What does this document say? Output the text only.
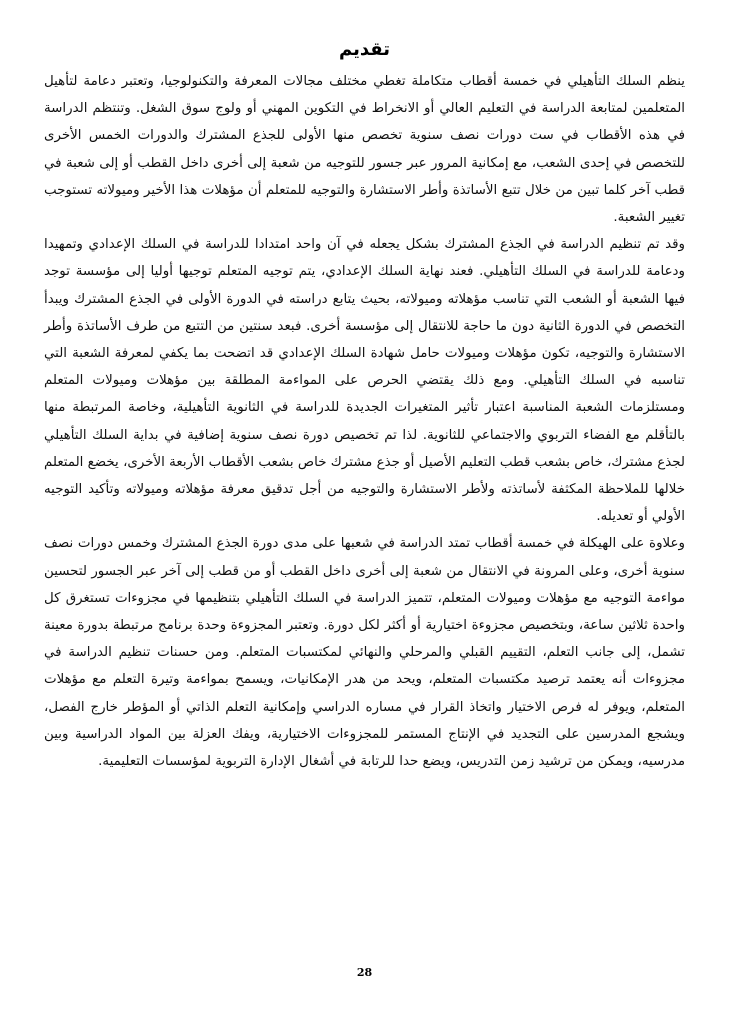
تقديم

ينظم السلك التأهيلي في خمسة أقطاب متكاملة تغطي مختلف مجالات المعرفة والتكنولوجيا، وتعتبر دعامة لتأهيل المتعلمين لمتابعة الدراسة في التعليم العالي أو الانخراط في التكوين المهني أو ولوج سوق الشغل. وتنتظم الدراسة في هذه الأقطاب في ست دورات نصف سنوية تخصص منها الأولى للجذع المشترك والدورات الخمس الأخرى للتخصص في إحدى الشعب، مع إمكانية المرور عبر جسور للتوجيه من شعبة إلى أخرى داخل القطب أو إلى شعبة في قطب آخر كلما تبين من خلال تتبع الأساتذة وأطر الاستشارة والتوجيه للمتعلم أن مؤهلات هذا الأخير وميولاته تستوجب تغيير الشعبة.

وقد تم تنظيم الدراسة في الجذع المشترك بشكل يجعله في آن واحد امتدادا للدراسة في السلك الإعدادي وتمهيدا ودعامة للدراسة في السلك التأهيلي. فعند نهاية السلك الإعدادي، يتم توجيه المتعلم توجيها أوليا إلى مؤسسة توجد فيها الشعبة أو الشعب التي تناسب مؤهلاته وميولاته، بحيث يتابع دراسته في الدورة الأولى في الجذع المشترك ويبدأ التخصص في الدورة الثانية دون ما حاجة للانتقال إلى مؤسسة أخرى. فبعد سنتين من التتبع من طرف الأساتذة وأطر الاستشارة والتوجيه، تكون مؤهلات وميولات حامل شهادة السلك الإعدادي قد اتضحت بما يكفي لمعرفة الشعبة التي تناسبه في السلك التأهيلي. ومع ذلك يقتضي الحرص على المواءمة المطلقة بين مؤهلات وميولات المتعلم ومستلزمات الشعبة المناسبة اعتبار تأثير المتغيرات الجديدة للدراسة في الثانوية التأهيلية، وخاصة المرتبطة منها بالتأقلم مع الفضاء التربوي والاجتماعي للثانوية. لذا تم تخصيص دورة نصف سنوية إضافية في بداية السلك التأهيلي لجذع مشترك، خاص بشعب قطب التعليم الأصيل أو جذع مشترك خاص بشعب الأقطاب الأربعة الأخرى، يخضع المتعلم خلالها للملاحظة المكثفة لأساتذته ولأطر الاستشارة والتوجيه من أجل تدقيق معرفة مؤهلاته وميولاته وتأكيد التوجيه الأولي أو تعديله.

وعلاوة على الهيكلة في خمسة أقطاب تمتد الدراسة في شعبها على مدى دورة الجذع المشترك وخمس دورات نصف سنوية أخرى، وعلى المرونة في الانتقال من شعبة إلى أخرى داخل القطب أو من قطب إلى آخر عبر الجسور لتحسين مواءمة التوجيه مع مؤهلات وميولات المتعلم، تتميز الدراسة في السلك التأهيلي بتنظيمها في مجزوءات تستغرق كل واحدة ثلاثين ساعة، وبتخصيص مجزوءة اختيارية أو أكثر لكل دورة. وتعتبر المجزوءة وحدة برنامج مرتبطة بدورة معينة تشمل، إلى جانب التعلم، التقييم القبلي والمرحلي والنهائي لمكتسبات المتعلم. ومن حسنات تنظيم الدراسة في مجزوءات أنه يعتمد ترصيد مكتسبات المتعلم، ويحد من هدر الإمكانيات، ويسمح بمواءمة وتيرة التعلم مع مؤهلات المتعلم، ويوفر له فرص الاختيار واتخاذ القرار في مساره الدراسي وإمكانية التعلم الذاتي أو المؤطر خارج الفصل، ويشجع المدرسين على التجديد في الإنتاج المستمر للمجزوءات الاختيارية، ويفك العزلة بين المواد الدراسية وبين مدرسيه، ويمكن من ترشيد زمن التدريس، ويضع حدا للرتابة في أشغال الإدارة التربوية لمؤسسات التعليمية.

28
